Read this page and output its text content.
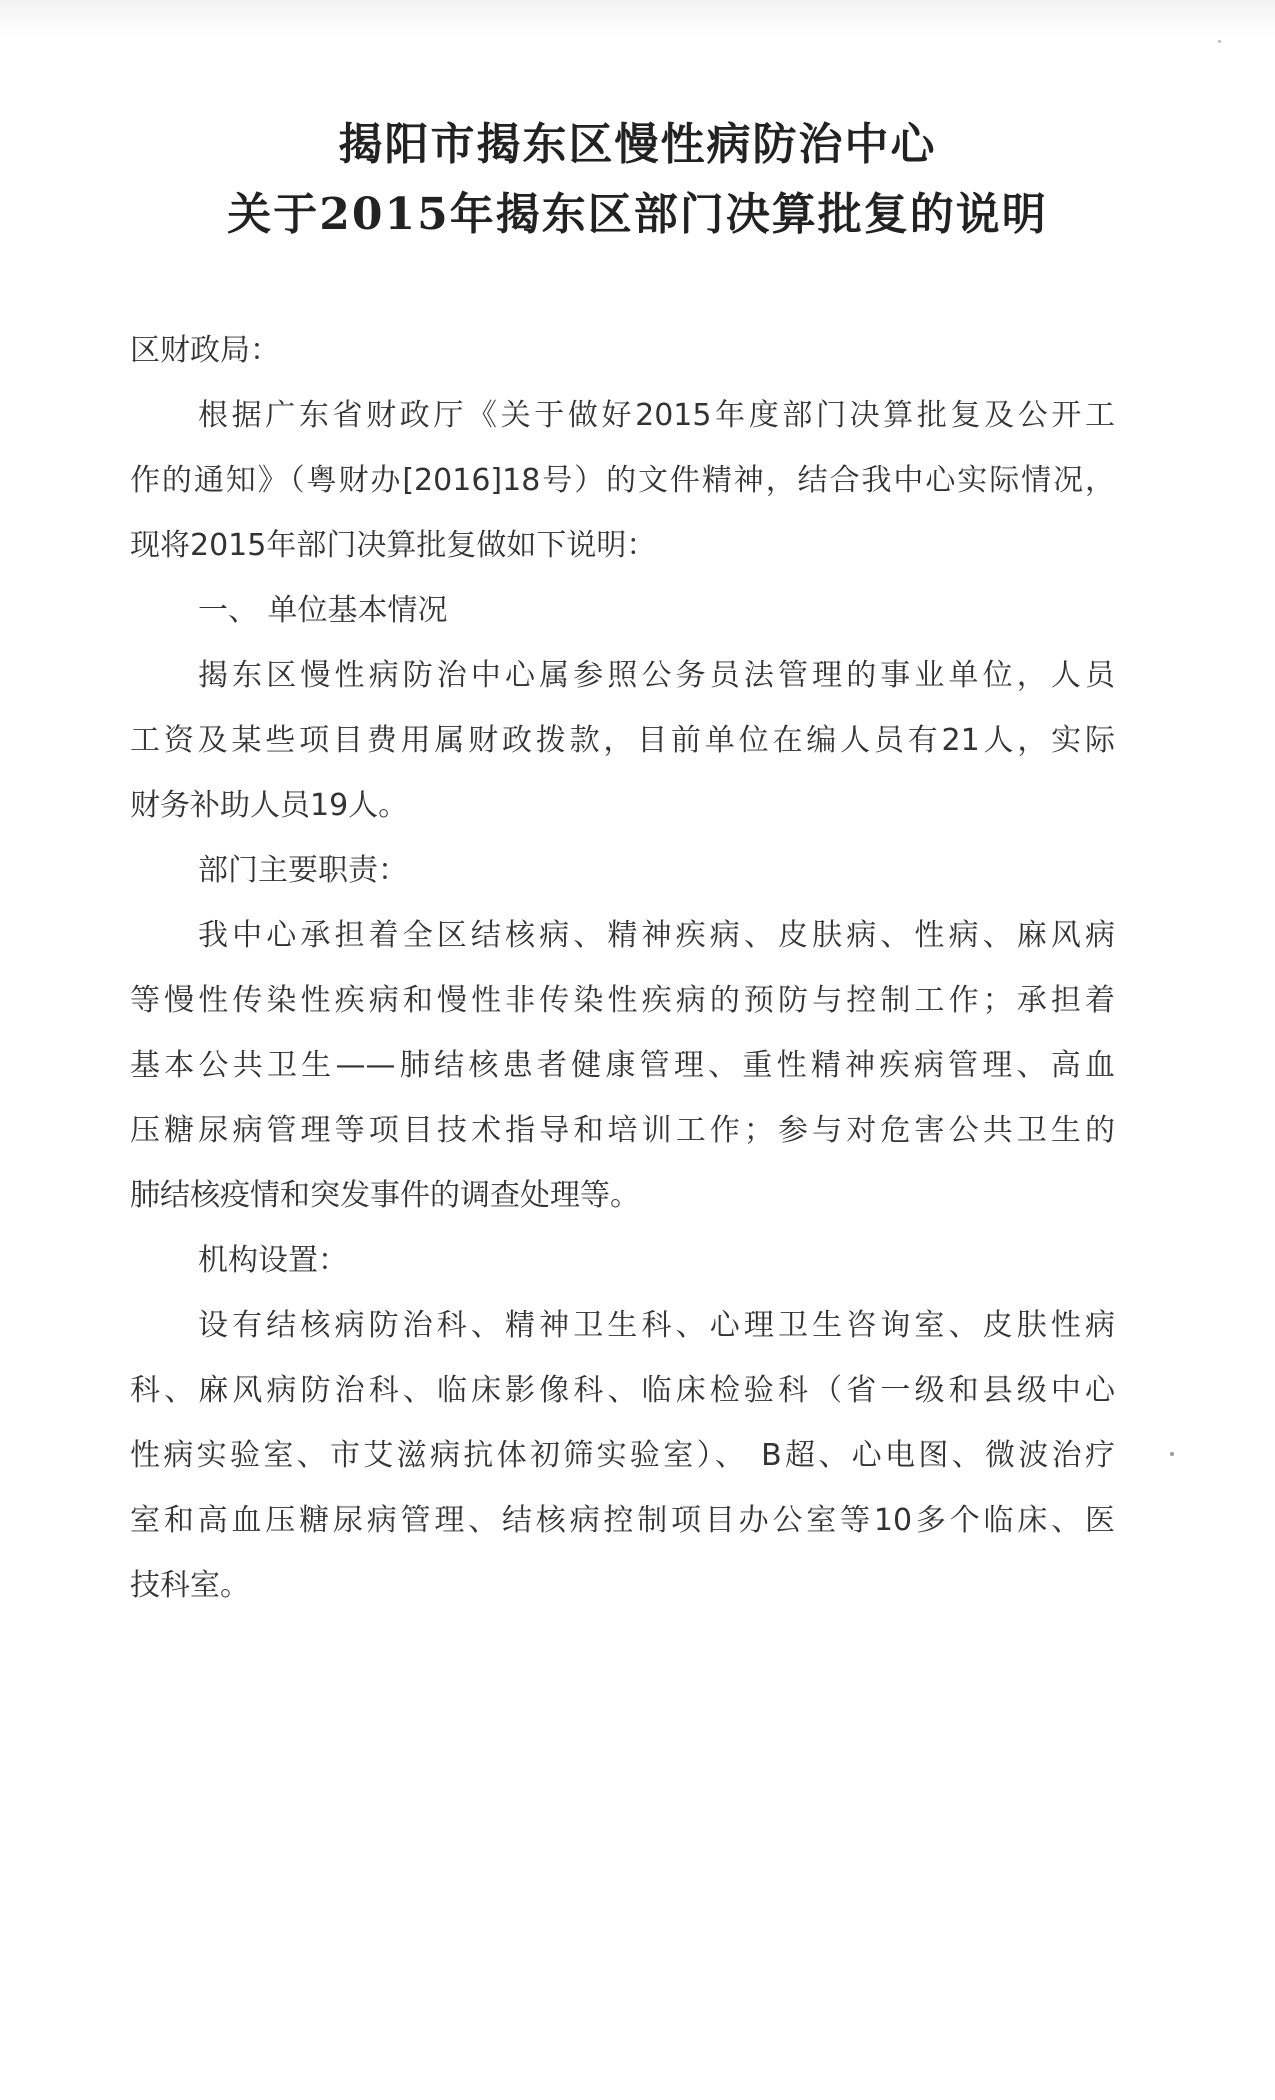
揭阳市揭东区慢性病防治中心
关于2015年揭东区部门决算批复的说明
区财政局：
根据广东省财政厅《关于做好2015年度部门决算批复及公开工
作的通知》（粤财办[2016]18号）的文件精神，结合我中心实际情况，
现将2015年部门决算批复做如下说明：
一、 单位基本情况
揭东区慢性病防治中心属参照公务员法管理的事业单位，人员
工资及某些项目费用属财政拨款，目前单位在编人员有21人，实际
财务补助人员19人。
部门主要职责：
我中心承担着全区结核病、精神疾病、皮肤病、性病、麻风病
等慢性传染性疾病和慢性非传染性疾病的预防与控制工作；承担着
基本公共卫生——肺结核患者健康管理、重性精神疾病管理、高血
压糖尿病管理等项目技术指导和培训工作；参与对危害公共卫生的
肺结核疫情和突发事件的调查处理等。
机构设置：
设有结核病防治科、精神卫生科、心理卫生咨询室、皮肤性病
科、麻风病防治科、临床影像科、临床检验科（省一级和县级中心
性病实验室、市艾滋病抗体初筛实验室）、 B超、心电图、微波治疗
室和高血压糖尿病管理、结核病控制项目办公室等10多个临床、医
技科室。
